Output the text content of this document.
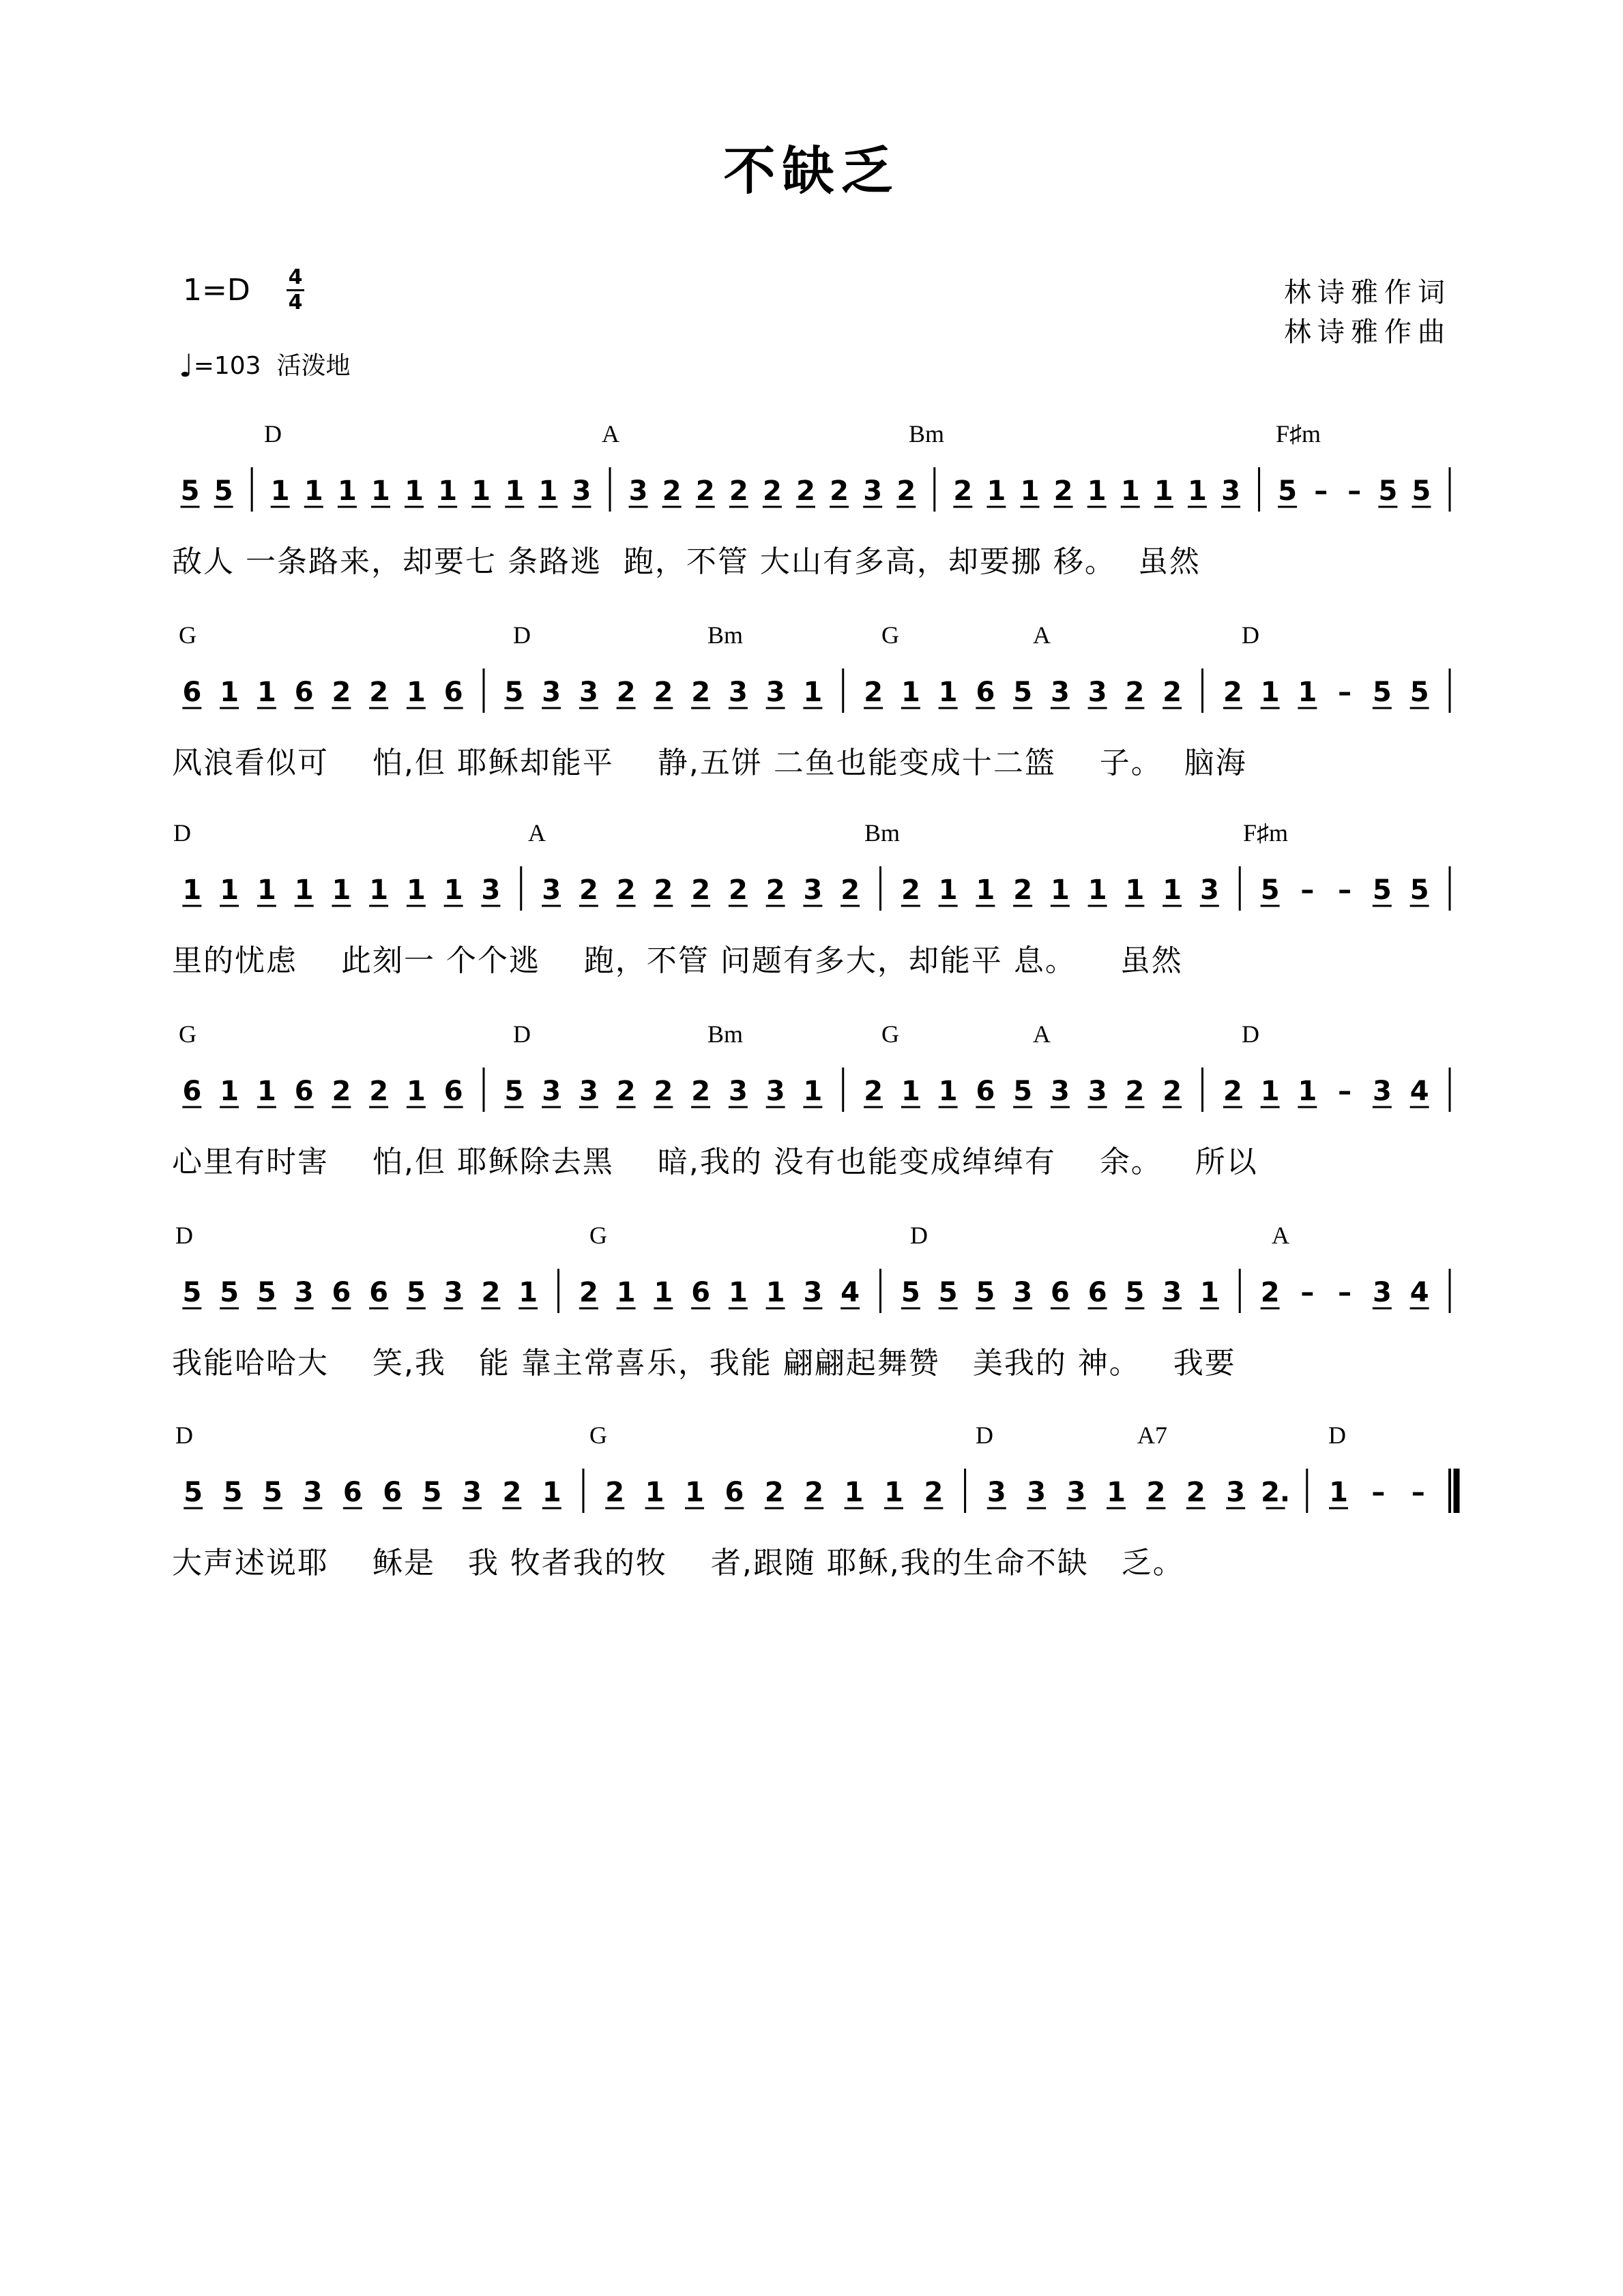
不缺乏
1=D 4
4
♩=103 活泼地
林诗雅作词
林诗雅作曲
D	A	Bm	F♯m
5 5 1 1 1 1 1 1 1 1 1 3 3 2 2 2 2 2 2 3 2 2 1 1 2 1 1 1 1 3 5 – – 5 5
敌人 一条路来，却要七 条路逃  跑，不管 大山有多高，却要挪 移。  虽然
G	D	Bm	G	A	D
6 1 1 6 2 2 1 6 5 3 3 2 2 2 3 3 1 2 1 1 6 5 3 3 2 2 2 1 1 – 5 5
风浪看似可    怕,但 耶稣却能平    静,五饼 二鱼也能变成十二篮    子。  脑海
D	A	Bm	F♯m
1 1 1 1 1 1 1 1 3 3 2 2 2 2 2 2 3 2 2 1 1 2 1 1 1 1 3 5 – – 5 5
里的忧虑    此刻一 个个逃    跑，不管 问题有多大，却能平 息。    虽然
G	D	Bm	G	A	D
6 1 1 6 2 2 1 6 5 3 3 2 2 2 3 3 1 2 1 1 6 5 3 3 2 2 2 1 1 – 3 4
心里有时害    怕,但 耶稣除去黑    暗,我的 没有也能变成绰绰有    余。   所以
D	G	D	A
5 5 5 3 6 6 5 3 2 1 2 1 1 6 1 1 3 4 5 5 5 3 6 6 5 3 1 2 – – 3 4
我能哈哈大    笑,我   能 靠主常喜乐，我能 翩翩起舞赞   美我的 神。   我要
D	G	D	A7	D
5 5 5 3 6 6 5 3 2 1 2 1 1 6 2 2 1 1 2 3 3 3 1 2 2 3 2. 1 – –
大声述说耶    稣是   我 牧者我的牧    者,跟随 耶稣,我的生命不缺   乏。
